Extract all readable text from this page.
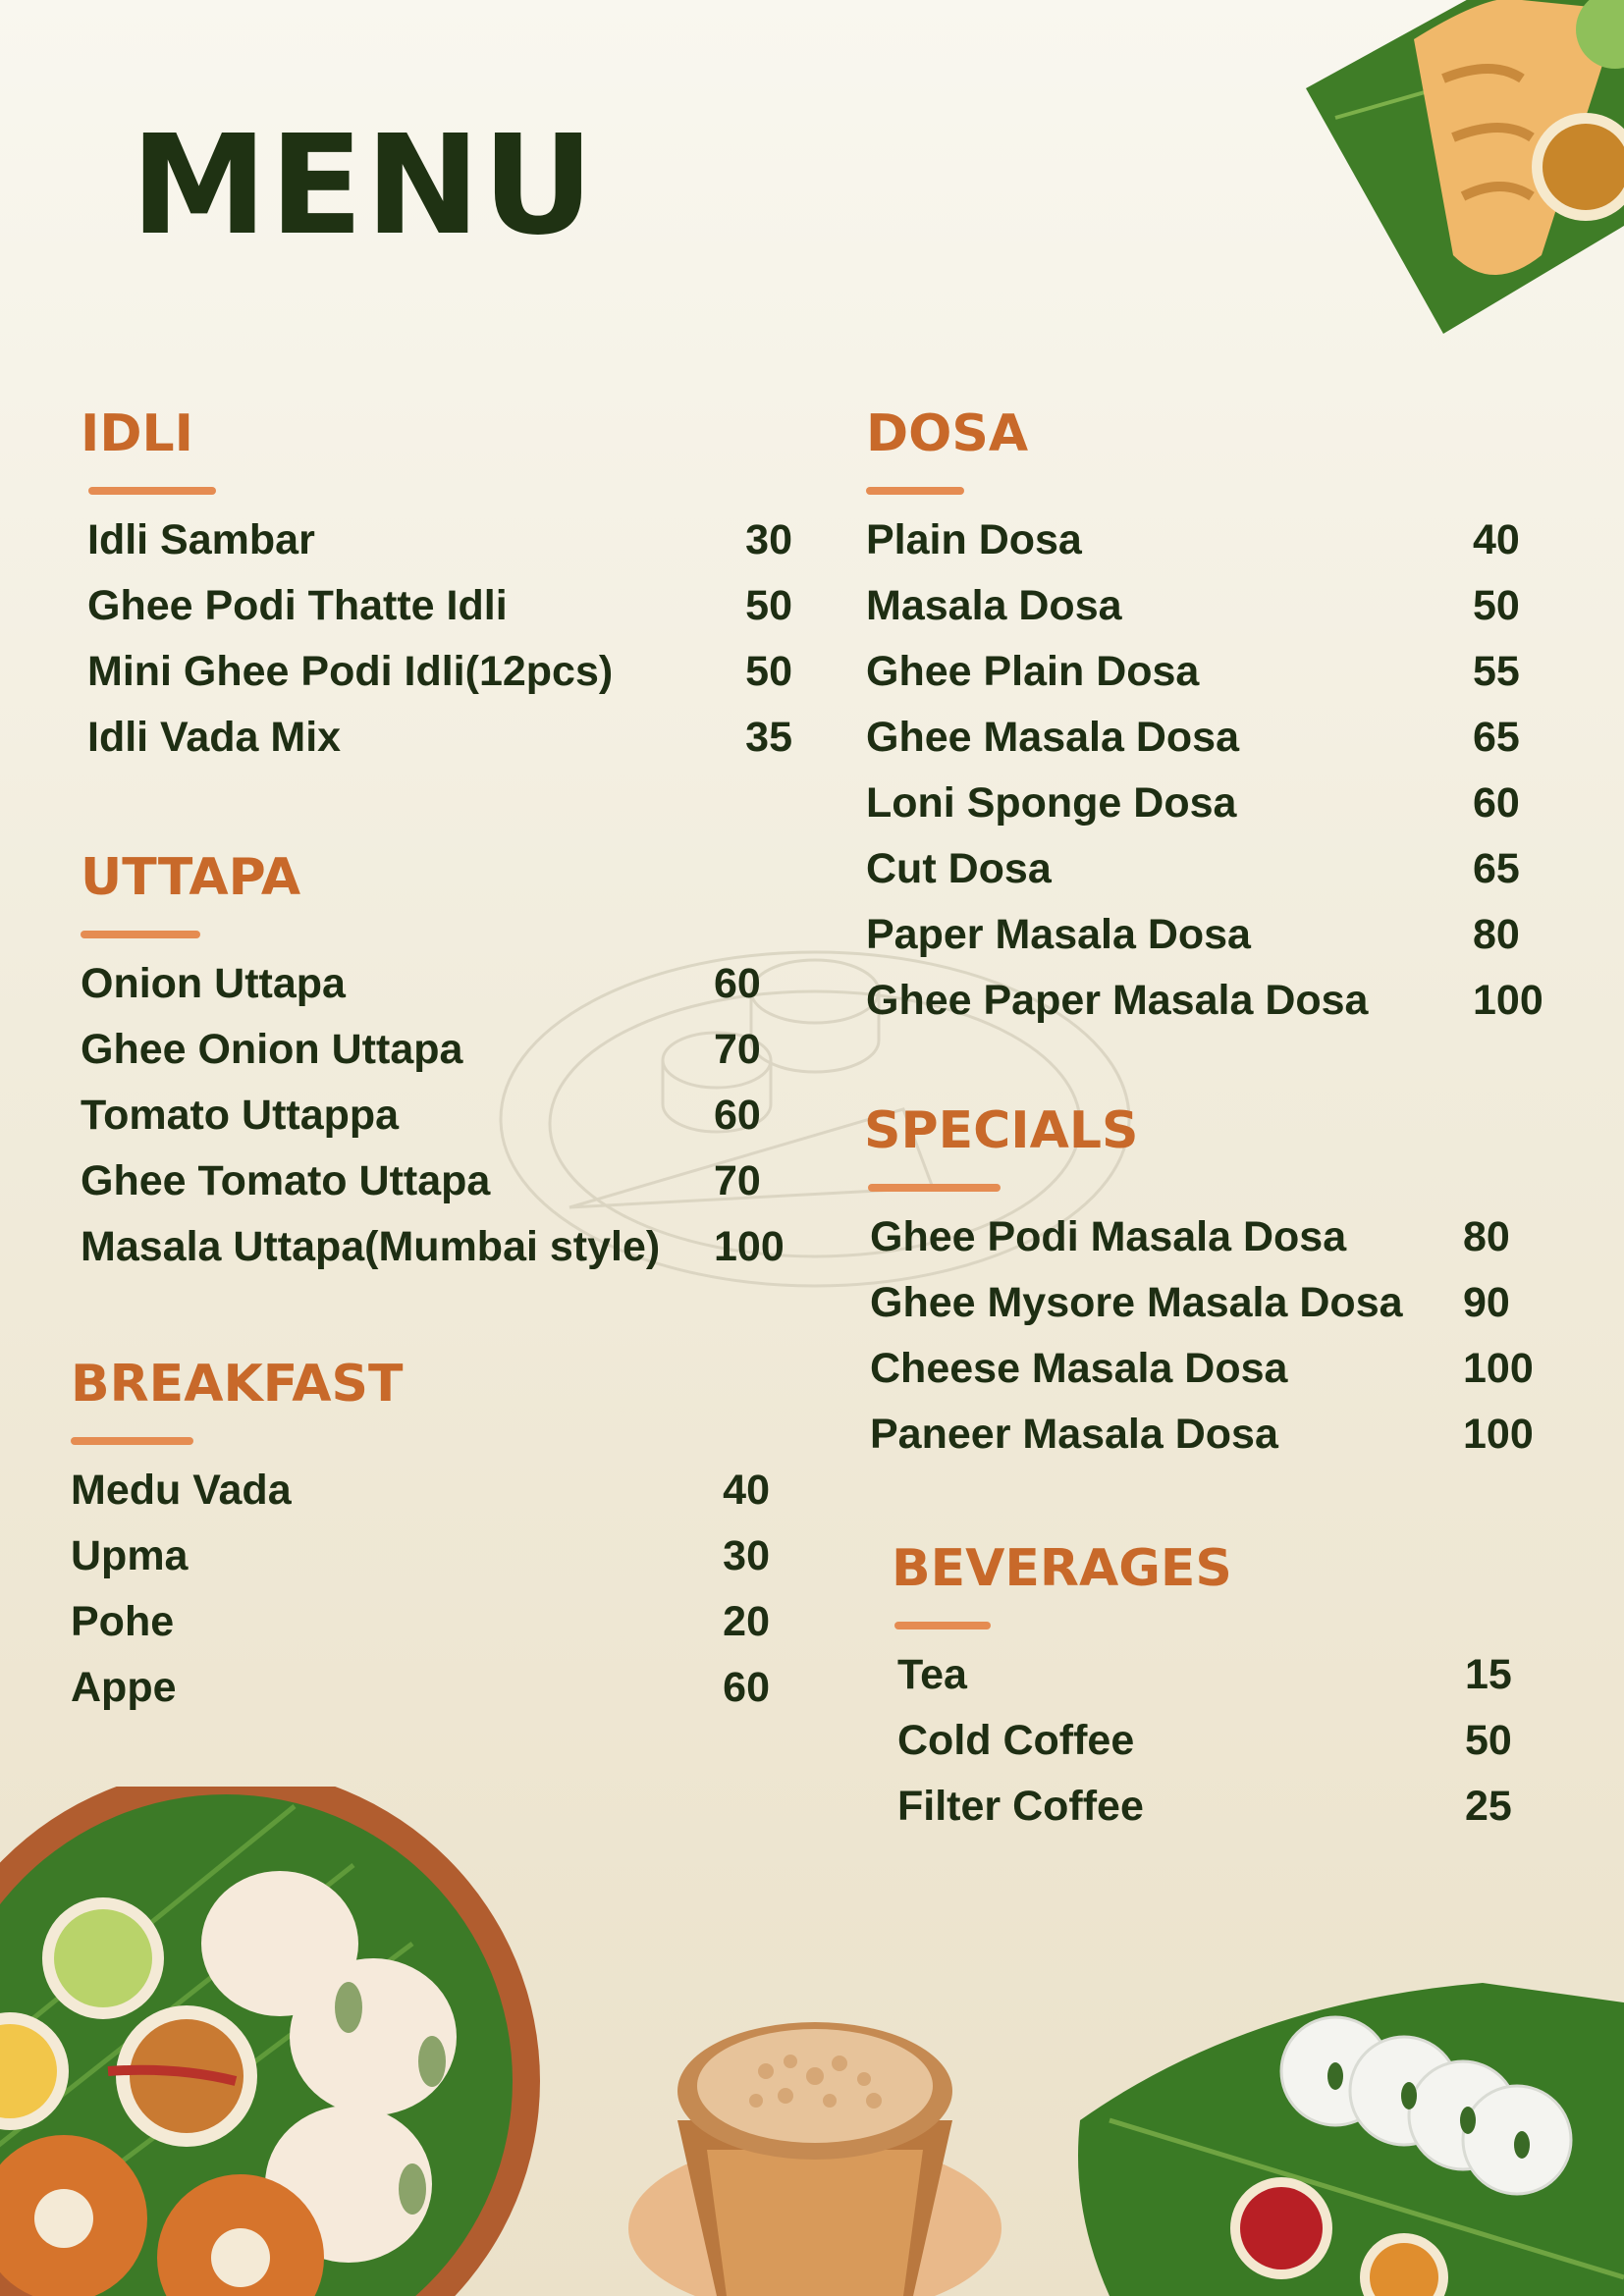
MENU
IDLI
Idli Sambar	30
Ghee Podi Thatte Idli	50
Mini Ghee Podi Idli(12pcs)	50
Idli Vada Mix	35
UTTAPA
Onion Uttapa	60
Ghee Onion Uttapa	70
Tomato Uttappa	60
Ghee Tomato Uttapa	70
Masala Uttapa(Mumbai style) 100
BREAKFAST
Medu Vada	40
Upma	30
Pohe	20
Appe	60
DOSA
Plain Dosa	40
Masala Dosa	50
Ghee Plain Dosa	55
Ghee Masala Dosa	65
Loni Sponge Dosa	60
Cut Dosa	65
Paper Masala Dosa	80
Ghee Paper Masala Dosa 100
SPECIALS
Ghee Podi Masala Dosa	80
Ghee Mysore Masala Dosa 90
Cheese Masala Dosa	100
Paneer Masala Dosa	100
BEVERAGES
Tea	15
Cold Coffee	50
Filter Coffee	25
